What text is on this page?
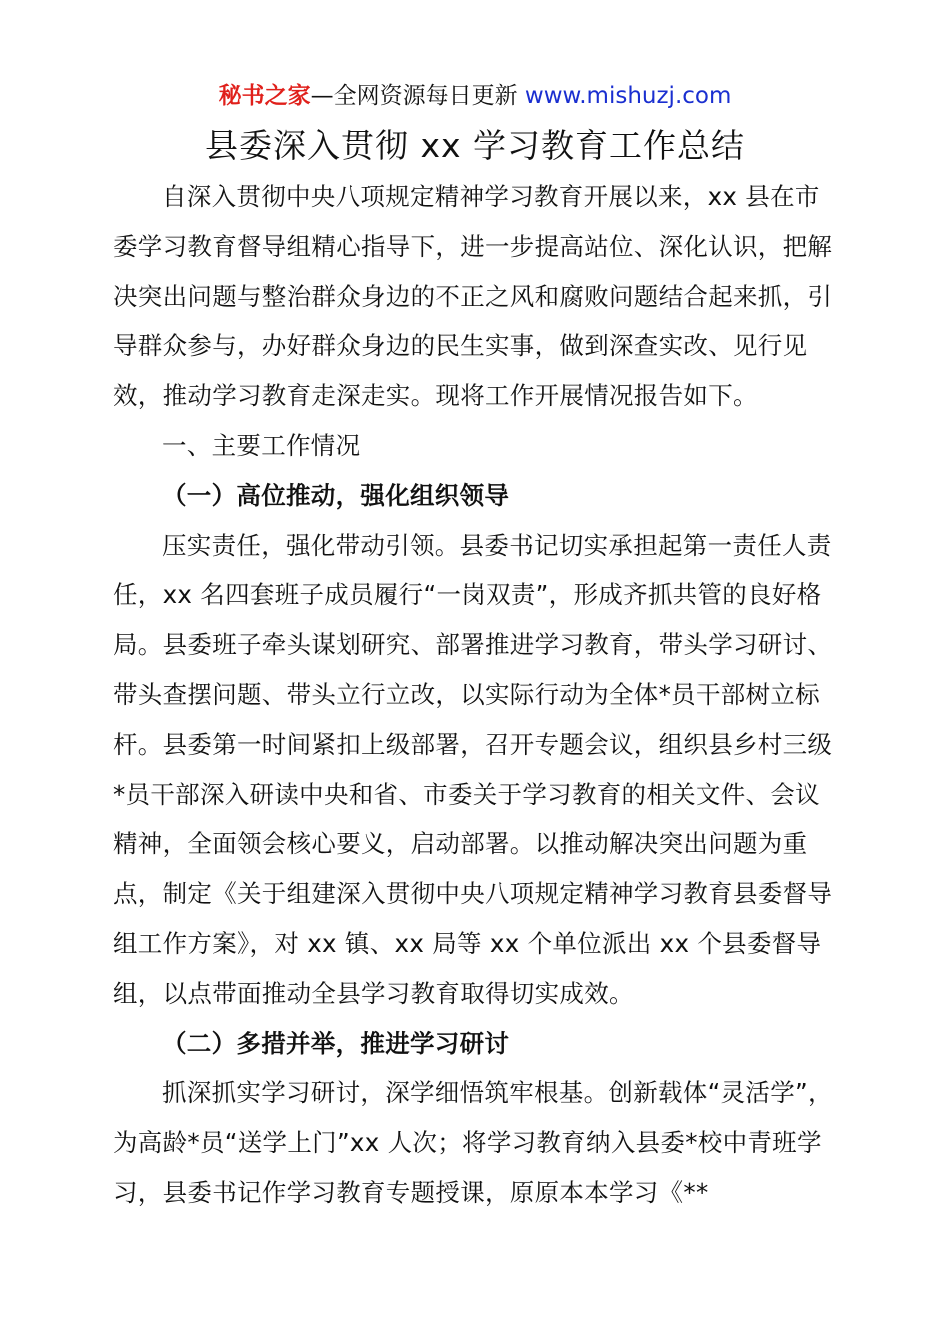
秘书之家—全网资源每日更新 www.mishuzj.com
县委深入贯彻 xx 学习教育工作总结

自深入贯彻中央八项规定精神学习教育开展以来，xx 县在市委学习教育督导组精心指导下，进一步提高站位、深化认识，把解决突出问题与整治群众身边的不正之风和腐败问题结合起来抓，引导群众参与，办好群众身边的民生实事，做到深查实改、见行见效，推动学习教育走深走实。现将工作开展情况报告如下。

一、主要工作情况

（一）高位推动，强化组织领导

压实责任，强化带动引领。县委书记切实承担起第一责任人责任，xx 名四套班子成员履行“一岗双责”，形成齐抓共管的良好格局。县委班子牵头谋划研究、部署推进学习教育，带头学习研讨、带头查摆问题、带头立行立改，以实际行动为全体*员干部树立标杆。县委第一时间紧扣上级部署，召开专题会议，组织县乡村三级*员干部深入研读中央和省、市委关于学习教育的相关文件、会议精神，全面领会核心要义，启动部署。以推动解决突出问题为重点，制定《关于组建深入贯彻中央八项规定精神学习教育县委督导组工作方案》，对 xx 镇、xx 局等 xx 个单位派出 xx 个县委督导组，以点带面推动全县学习教育取得切实成效。

（二）多措并举，推进学习研讨

抓深抓实学习研讨，深学细悟筑牢根基。创新载体“灵活学”，为高龄*员“送学上门”xx 人次；将学习教育纳入县委*校中青班学习，县委书记作学习教育专题授课，原原本本学习《**
